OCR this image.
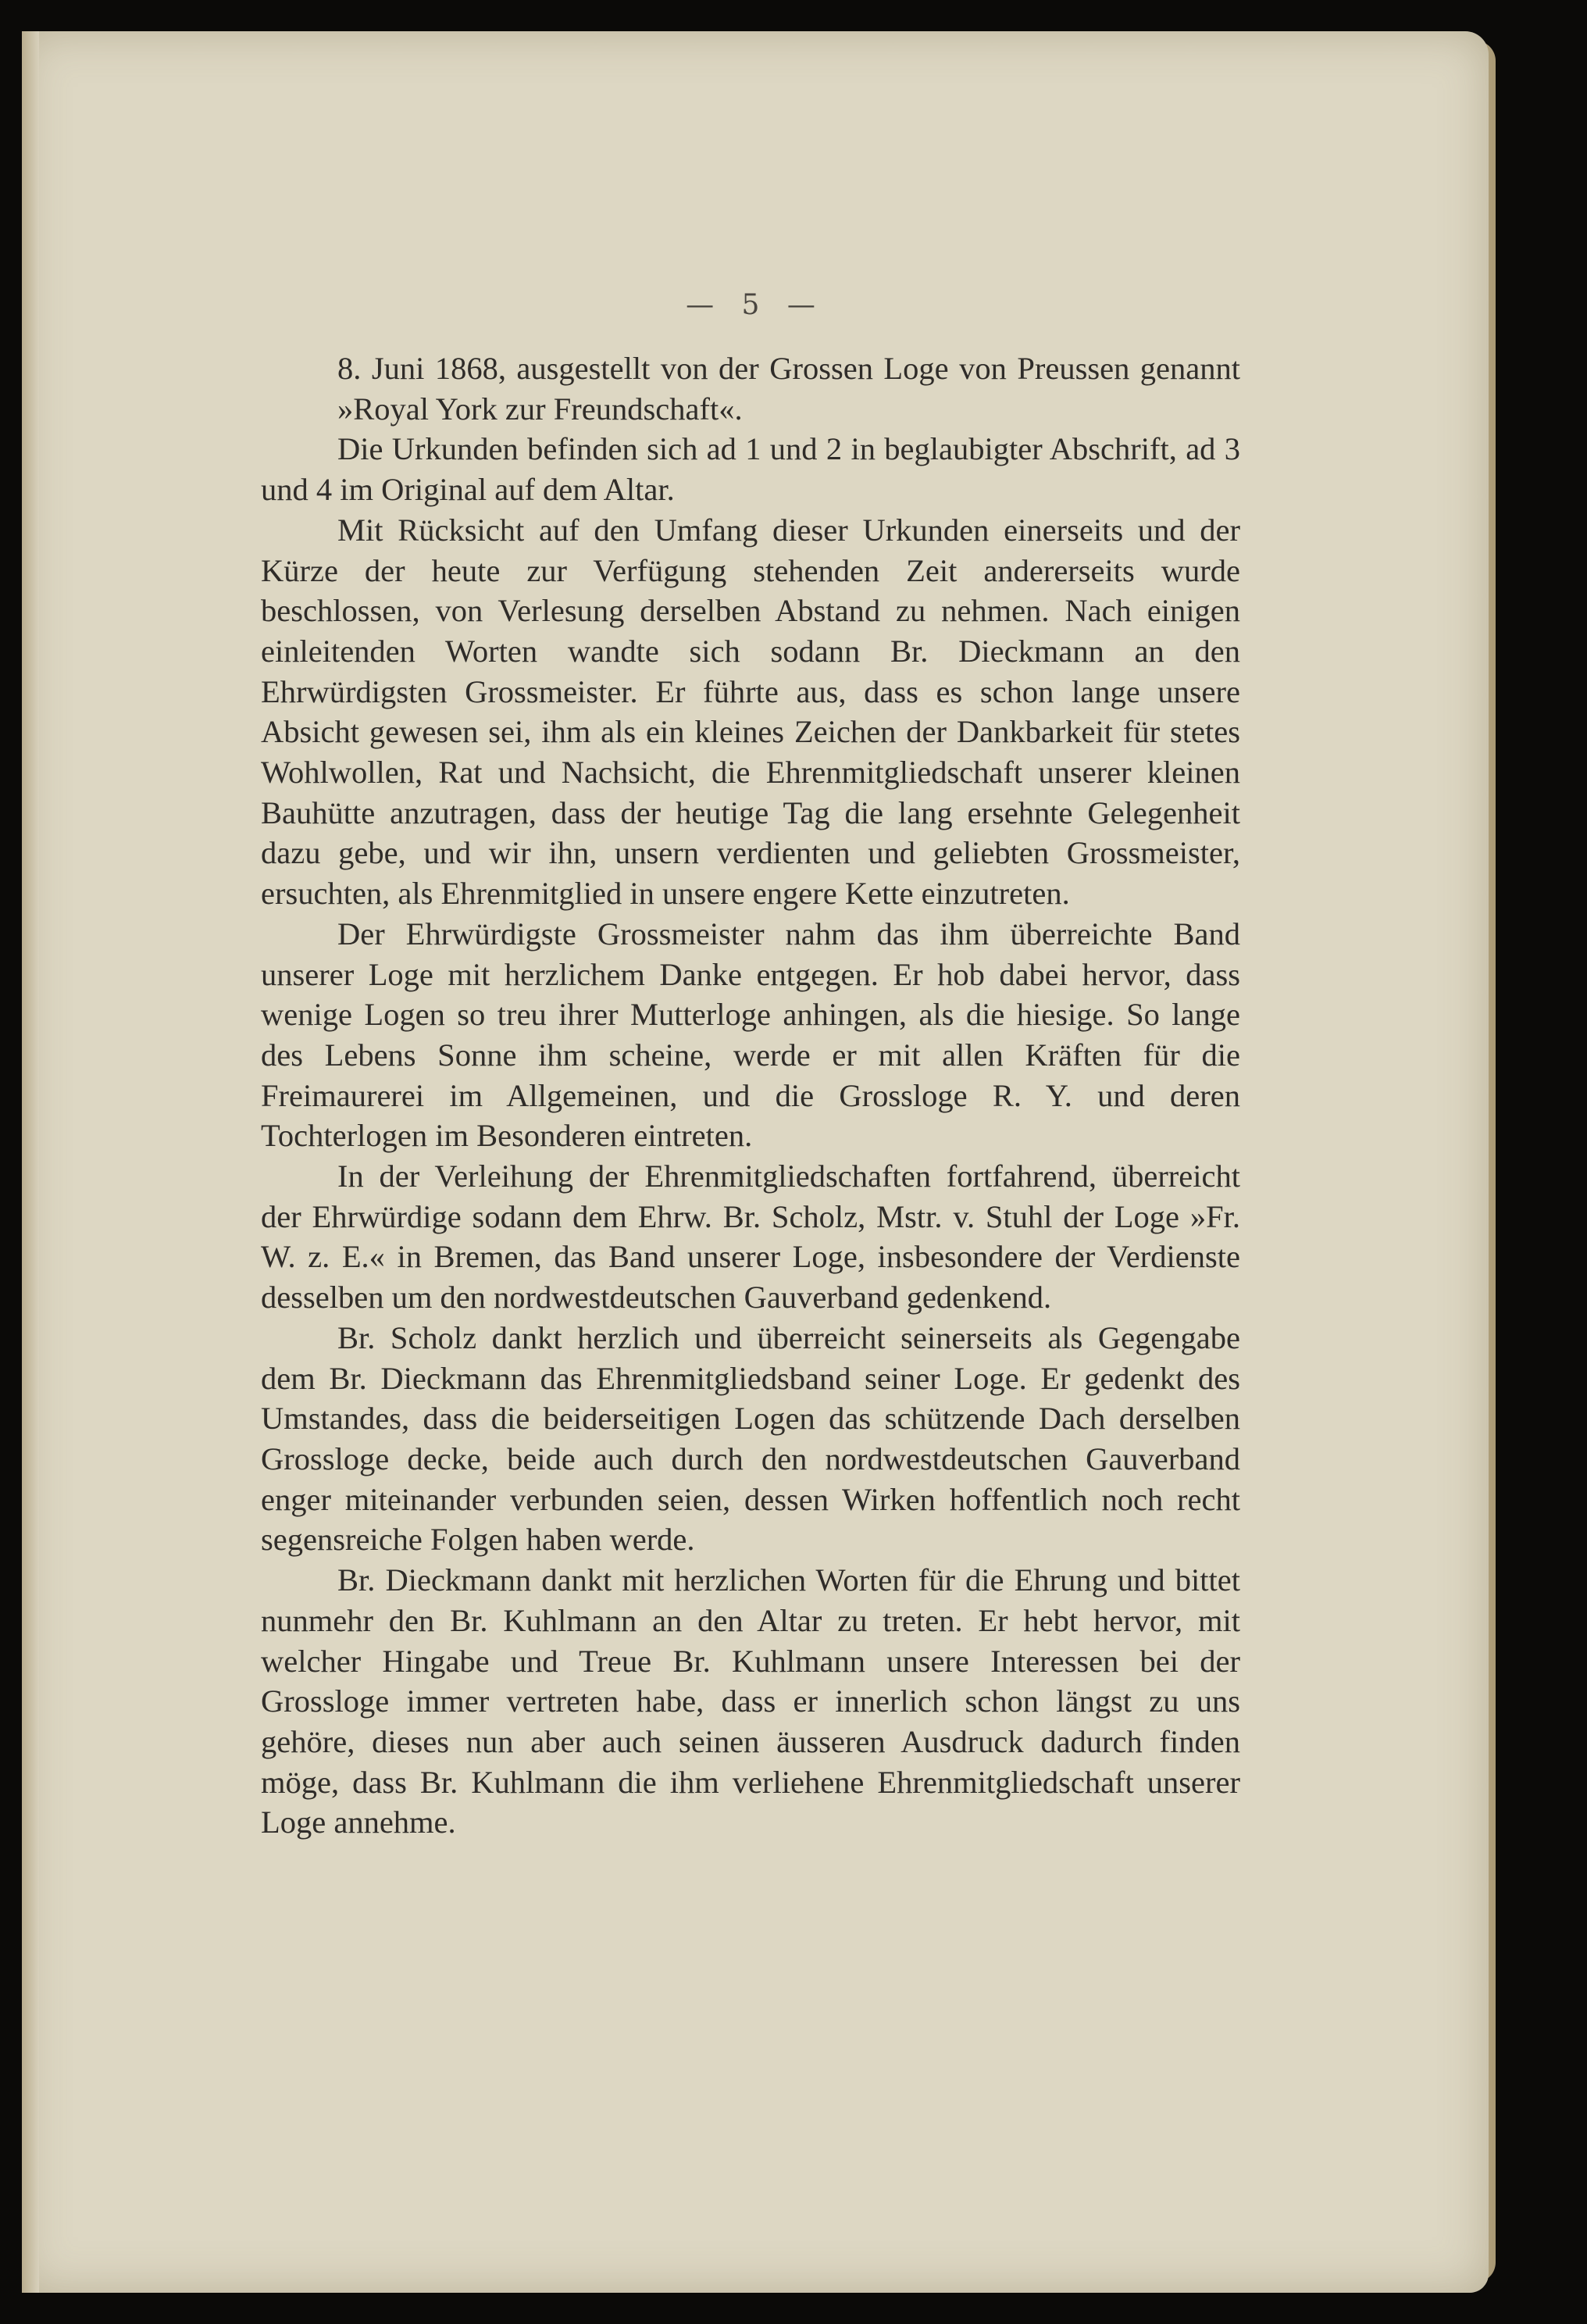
— 5 —

8. Juni 1868, ausgestellt von der Grossen Loge von Preussen genannt »Royal York zur Freundschaft«.

Die Urkunden befinden sich ad 1 und 2 in beglaubigter Abschrift, ad 3 und 4 im Original auf dem Altar.

Mit Rücksicht auf den Umfang dieser Urkunden einerseits und der Kürze der heute zur Verfügung stehenden Zeit andererseits wurde beschlossen, von Verlesung derselben Abstand zu nehmen. Nach einigen einleitenden Worten wandte sich sodann Br. Dieckmann an den Ehrwürdigsten Grossmeister. Er führte aus, dass es schon lange unsere Absicht gewesen sei, ihm als ein kleines Zeichen der Dankbarkeit für stetes Wohlwollen, Rat und Nachsicht, die Ehrenmitgliedschaft unserer kleinen Bauhütte anzutragen, dass der heutige Tag die lang ersehnte Gelegenheit dazu gebe, und wir ihn, unsern verdienten und geliebten Grossmeister, ersuchten, als Ehrenmitglied in unsere engere Kette einzutreten.

Der Ehrwürdigste Grossmeister nahm das ihm überreichte Band unserer Loge mit herzlichem Danke entgegen. Er hob dabei hervor, dass wenige Logen so treu ihrer Mutterloge anhingen, als die hiesige. So lange des Lebens Sonne ihm scheine, werde er mit allen Kräften für die Freimaurerei im Allgemeinen, und die Grossloge R. Y. und deren Tochterlogen im Besonderen eintreten.

In der Verleihung der Ehrenmitgliedschaften fortfahrend, überreicht der Ehrwürdige sodann dem Ehrw. Br. Scholz, Mstr. v. Stuhl der Loge »Fr. W. z. E.« in Bremen, das Band unserer Loge, insbesondere der Verdienste desselben um den nordwestdeutschen Gauverband gedenkend.

Br. Scholz dankt herzlich und überreicht seinerseits als Gegengabe dem Br. Dieckmann das Ehrenmitgliedsband seiner Loge. Er gedenkt des Umstandes, dass die beiderseitigen Logen das schützende Dach derselben Grossloge decke, beide auch durch den nordwestdeutschen Gauverband enger miteinander verbunden seien, dessen Wirken hoffentlich noch recht segensreiche Folgen haben werde.

Br. Dieckmann dankt mit herzlichen Worten für die Ehrung und bittet nunmehr den Br. Kuhlmann an den Altar zu treten. Er hebt hervor, mit welcher Hingabe und Treue Br. Kuhlmann unsere Interessen bei der Grossloge immer vertreten habe, dass er innerlich schon längst zu uns gehöre, dieses nun aber auch seinen äusseren Ausdruck dadurch finden möge, dass Br. Kuhlmann die ihm verliehene Ehrenmitgliedschaft unserer Loge annehme.
